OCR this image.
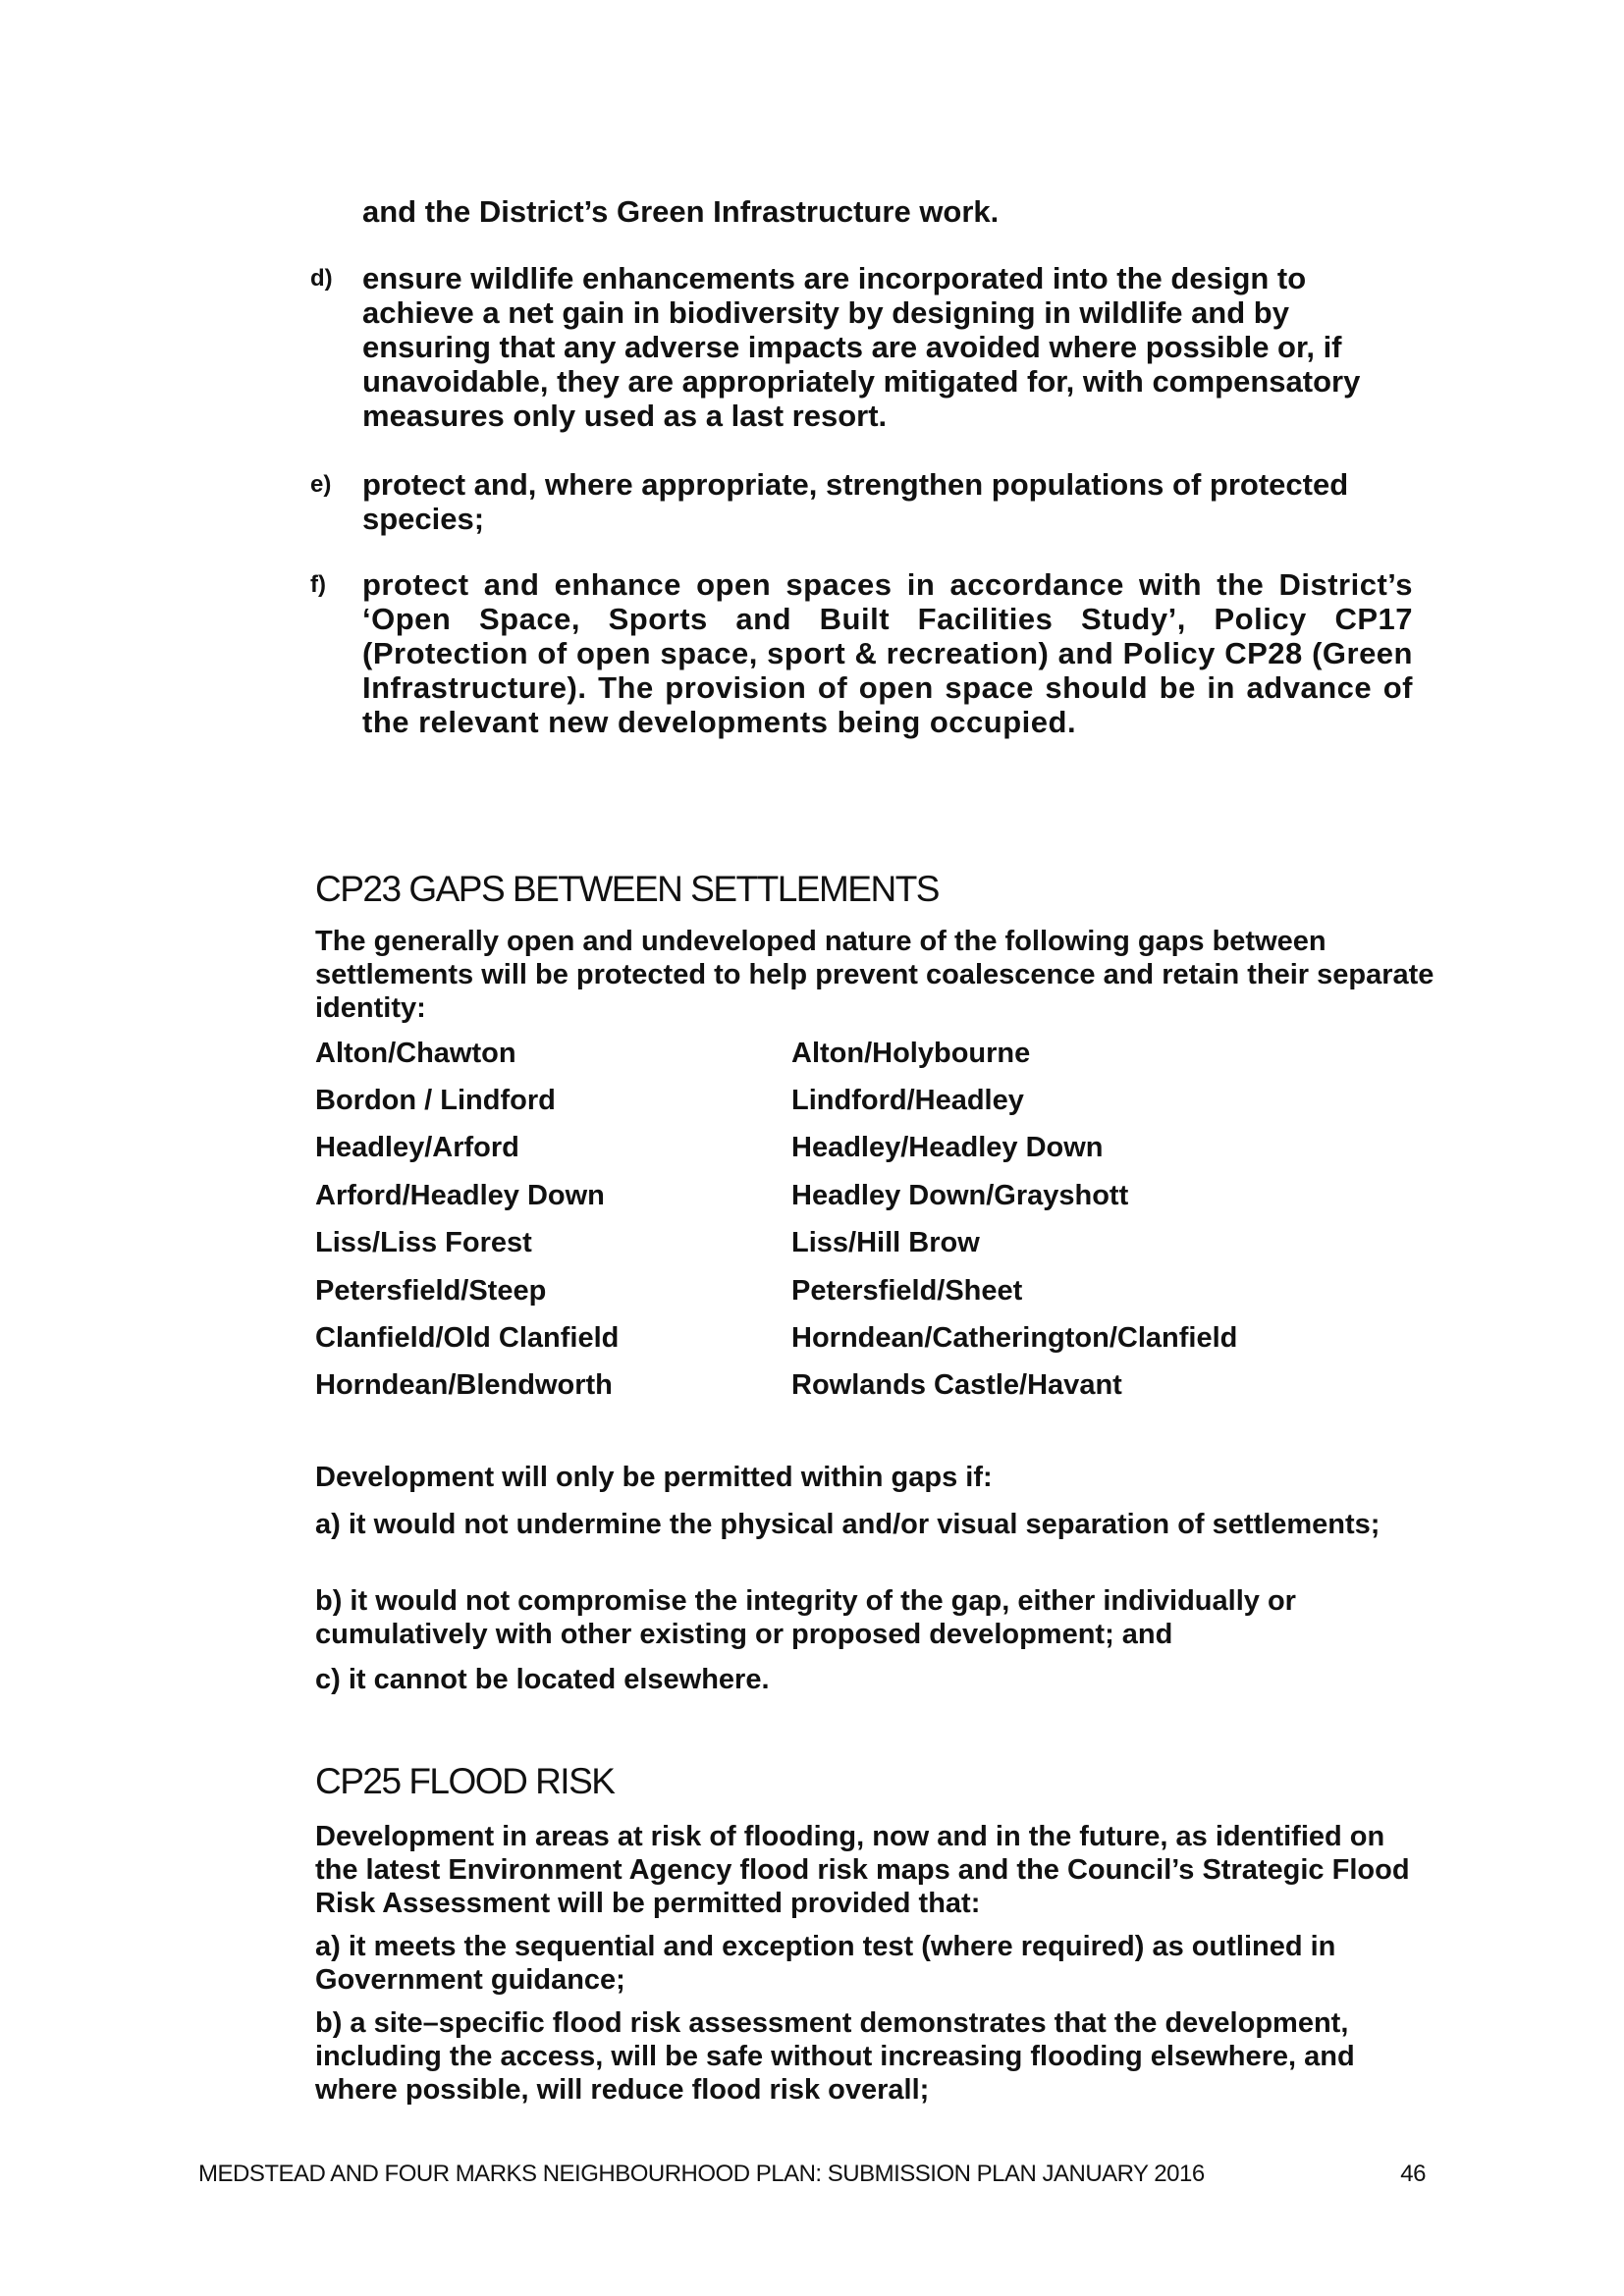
and the District’s Green Infrastructure work.
d) ensure wildlife enhancements are incorporated into the design to achieve a net gain in biodiversity by designing in wildlife and by ensuring that any adverse impacts are avoided where possible or, if unavoidable, they are appropriately mitigated for, with compensatory measures only used as a last resort.
e) protect and, where appropriate, strengthen populations of protected species;
f) protect and enhance open spaces in accordance with the District’s ‘Open Space, Sports and Built Facilities Study’, Policy CP17 (Protection of open space, sport & recreation) and Policy CP28 (Green Infrastructure). The provision of open space should be in advance of the relevant new developments being occupied.
CP23 GAPS BETWEEN SETTLEMENTS
The generally open and undeveloped nature of the following gaps between settlements will be protected to help prevent coalescence and retain their separate identity:
Alton/Chawton	Alton/Holybourne
Bordon / Lindford	Lindford/Headley
Headley/Arford	Headley/Headley Down
Arford/Headley Down	Headley Down/Grayshott
Liss/Liss Forest	Liss/Hill Brow
Petersfield/Steep	Petersfield/Sheet
Clanfield/Old Clanfield	Horndean/Catherington/Clanfield
Horndean/Blendworth	Rowlands Castle/Havant
Development will only be permitted within gaps if:
a) it would not undermine the physical and/or visual separation of settlements;
b) it would not compromise the integrity of the gap, either individually or cumulatively with other existing or proposed development; and
c) it cannot be located elsewhere.
CP25 FLOOD RISK
Development in areas at risk of flooding, now and in the future, as identified on the latest Environment Agency flood risk maps and the Council’s Strategic Flood Risk Assessment will be permitted provided that:
a) it meets the sequential and exception test (where required) as outlined in Government guidance;
b) a site–specific flood risk assessment demonstrates that the development, including the access, will be safe without increasing flooding elsewhere, and where possible, will reduce flood risk overall;
MEDSTEAD AND FOUR MARKS NEIGHBOURHOOD PLAN: SUBMISSION PLAN JANUARY 2016	46
